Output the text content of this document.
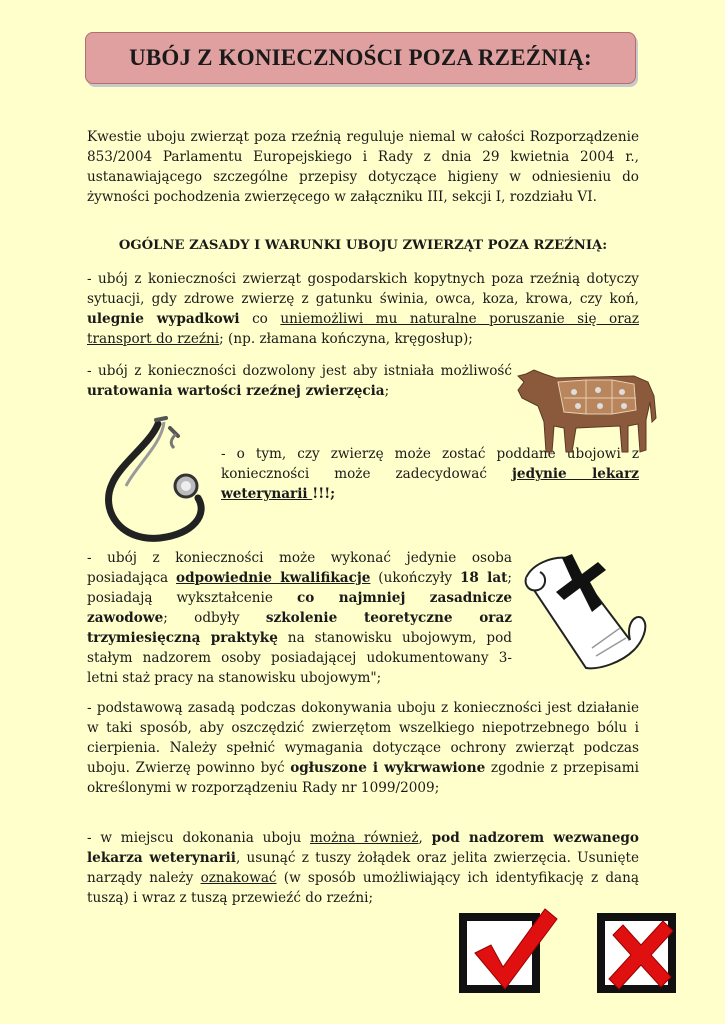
UBÓJ Z KONIECZNOŚCI POZA RZEŹNIĄ:
Kwestie uboju zwierząt poza rzeźnią reguluje niemal w całości Rozporządzenie 853/2004 Parlamentu Europejskiego i Rady z dnia 29 kwietnia 2004 r., ustanawiającego szczególne przepisy dotyczące higieny w odniesieniu do żywności pochodzenia zwierzęcego w załączniku III, sekcji I, rozdziału VI.
OGÓLNE ZASADY I WARUNKI UBOJU ZWIERZĄT POZA RZEŹNIĄ:
- ubój z konieczności zwierząt gospodarskich kopytnych poza rzeźnią dotyczy sytuacji, gdy zdrowe zwierzę z gatunku świnia, owca, koza, krowa, czy koń, ulegnie wypadkowi co uniemożliwi mu naturalne poruszanie się oraz transport do rzeźni; (np. złamana kończyna, kręgosłup);
- ubój z konieczności dozwolony jest aby istniała możliwość uratowania wartości rzeźnej zwierzęcia;
- o tym, czy zwierzę może zostać poddane ubojowi z konieczności może zadecydować jedynie lekarz weterynarii !!!;
- ubój z konieczności może wykonać jedynie osoba posiadająca odpowiednie kwalifikacje (ukończyły 18 lat; posiadają wykształcenie co najmniej zasadnicze zawodowe; odbyły szkolenie teoretyczne oraz trzymiesięczną praktykę na stanowisku ubojowym, pod stałym nadzorem osoby posiadającej udokumentowany 3-letni staż pracy na stanowisku ubojowym";
- podstawową zasadą podczas dokonywania uboju z konieczności jest działanie w taki sposób, aby oszczędzić zwierzętom wszelkiego niepotrzebnego bólu i cierpienia. Należy spełnić wymagania dotyczące ochrony zwierząt podczas uboju. Zwierzę powinno być ogłuszone i wykrwawione zgodnie z przepisami określonymi w rozporządzeniu Rady nr 1099/2009;
- w miejscu dokonania uboju można również, pod nadzorem wezwanego lekarza weterynarii, usunąć z tuszy żołądek oraz jelita zwierzęcia. Usunięte narządy należy oznakować (w sposób umożliwiający ich identyfikację z daną tuszą) i wraz z tuszą przewieźć do rzeźni;
